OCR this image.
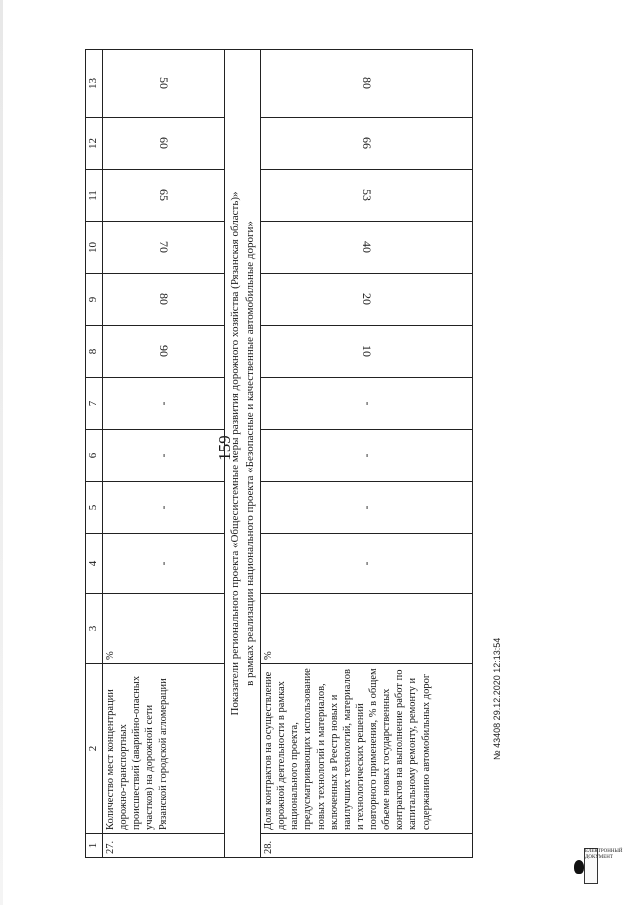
159
1	2	3	4	5	6	7	8	9	10	11	12	13
27.	Количество мест концентрации дорожно-транспортных происшествий (аварийно-опасных участков) на дорожной сети Рязанской городской агломерации	%	-	-	-	-	90	80	70	65	60	50
Показатели регионального проекта «Общесистемные меры развития дорожного хозяйства (Рязанская область)» в рамках реализации национального проекта «Безопасные и качественные автомобильные дороги»												
28.	Доля контрактов на осуществление дорожной деятельности в рамках национального проекта, предусматривающих использование новых технологий и материалов, включенных в Реестр новых и наилучших технологий, материалов и технологических решений повторного применения, % в общем объеме новых государственных контрактов на выполнение работ по капитальному ремонту, ремонту и содержанию автомобильных дорог	%	-	-	-	-	10	20	40	53	66	80
№ 43408 29.12.2020 12:13:54
ЕЛЕКТРОННЫЙ ДОКУМЕНТ
